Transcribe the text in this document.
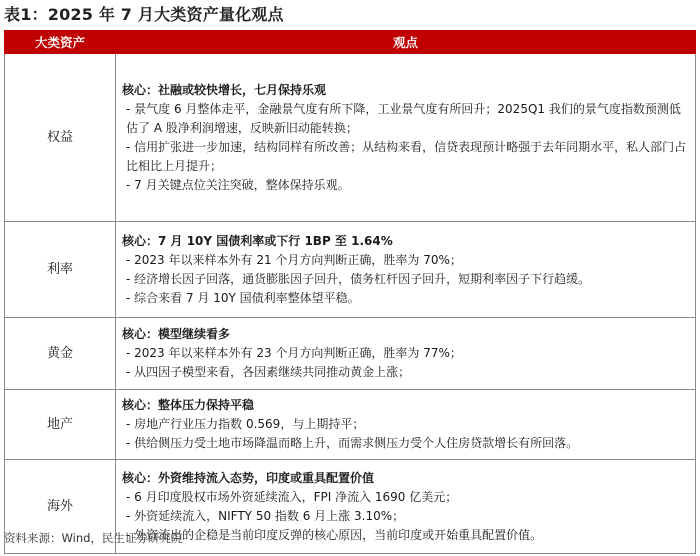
表1：2025 年 7 月大类资产量化观点
大类资产	观点
权益	核心：社融或较快增长，七月保持乐观
- 景气度 6 月整体走平，金融景气度有所下降，工业景气度有所回升；2025Q1 我们的景气度指数预测低估了 A 股净利润增速，反映新旧动能转换；
- 信用扩张进一步加速，结构同样有所改善；从结构来看，信贷表现预计略强于去年同期水平，私人部门占比相比上月提升；
- 7 月关键点位关注突破，整体保持乐观。

利率	核心：7 月 10Y 国债利率或下行 1BP 至 1.64%
- 2023 年以来样本外有 21 个月方向判断正确，胜率为 70%；
- 经济增长因子回落，通货膨胀因子回升，债务杠杆因子回升，短期利率因子下行趋缓。
- 综合来看 7 月 10Y 国债利率整体望平稳。

黄金	核心：模型继续看多
- 2023 年以来样本外有 23 个月方向判断正确，胜率为 77%；
- 从四因子模型来看，各因素继续共同推动黄金上涨；

地产	核心：整体压力保持平稳
- 房地产行业压力指数 0.569，与上期持平；
- 供给侧压力受土地市场降温而略上升，而需求侧压力受个人住房贷款增长有所回落。

海外	核心：外资维持流入态势，印度或重具配置价值
- 6 月印度股权市场外资延续流入，FPI 净流入 1690 亿美元；
- 外资延续流入，NIFTY 50 指数 6 月上涨 3.10%；
- 外资流出的企稳是当前印度反弹的核心原因，当前印度或开始重具配置价值。
资料来源：Wind，民生证券研究院
